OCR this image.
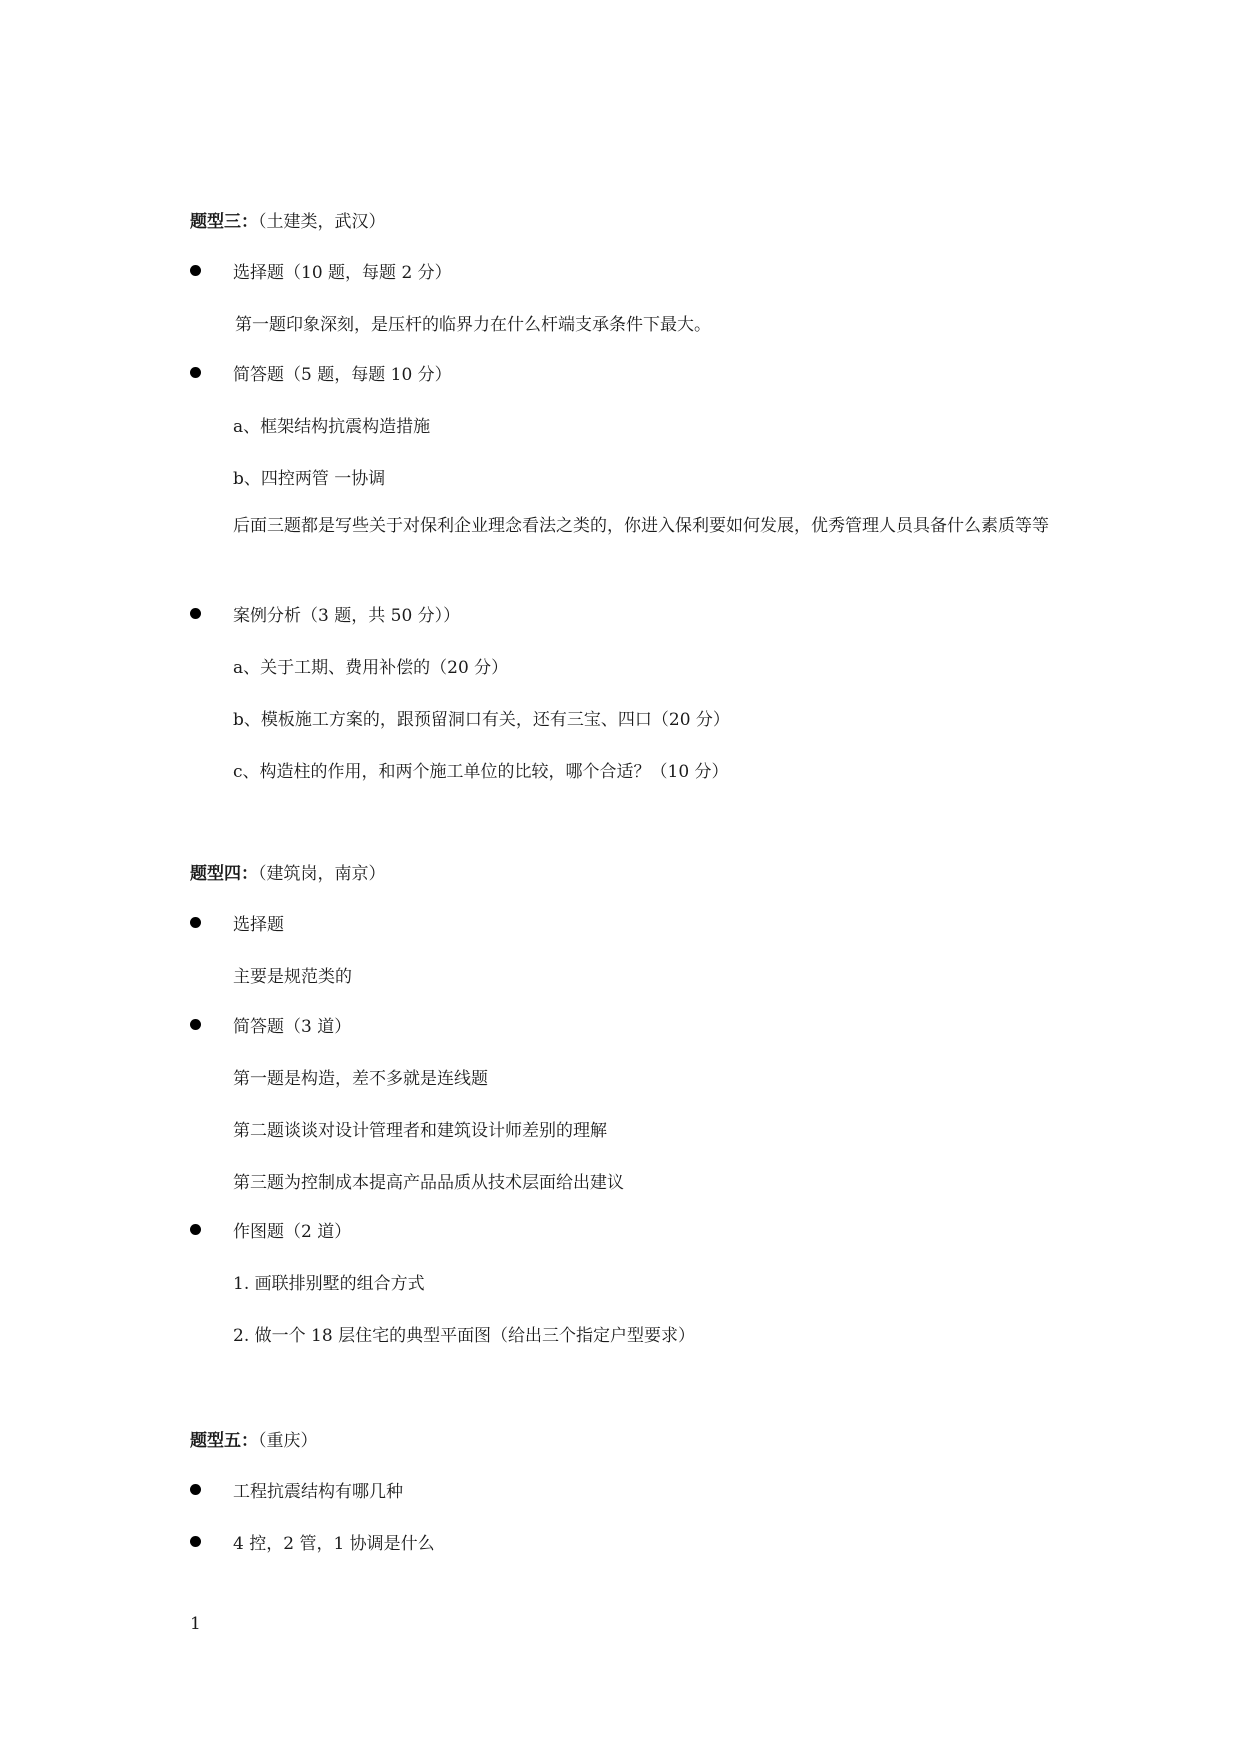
题型三：（土建类，武汉）
选择题（10 题，每题 2 分）
第一题印象深刻，是压杆的临界力在什么杆端支承条件下最大。
简答题（5 题，每题 10 分）
a、框架结构抗震构造措施
b、四控两管 一协调
后面三题都是写些关于对保利企业理念看法之类的，你进入保利要如何发展，优秀管理人员具备什么素质等等
案例分析（3 题，共 50 分））
a、关于工期、费用补偿的（20 分）
b、模板施工方案的，跟预留洞口有关，还有三宝、四口（20 分）
c、构造柱的作用，和两个施工单位的比较，哪个合适？（10 分）
题型四：（建筑岗，南京）
选择题
主要是规范类的
简答题（3 道）
第一题是构造，差不多就是连线题
第二题谈谈对设计管理者和建筑设计师差别的理解
第三题为控制成本提高产品品质从技术层面给出建议
作图题（2 道）
1. 画联排别墅的组合方式
2. 做一个 18 层住宅的典型平面图（给出三个指定户型要求）
题型五：（重庆）
工程抗震结构有哪几种
4 控，2 管，1 协调是什么
1
